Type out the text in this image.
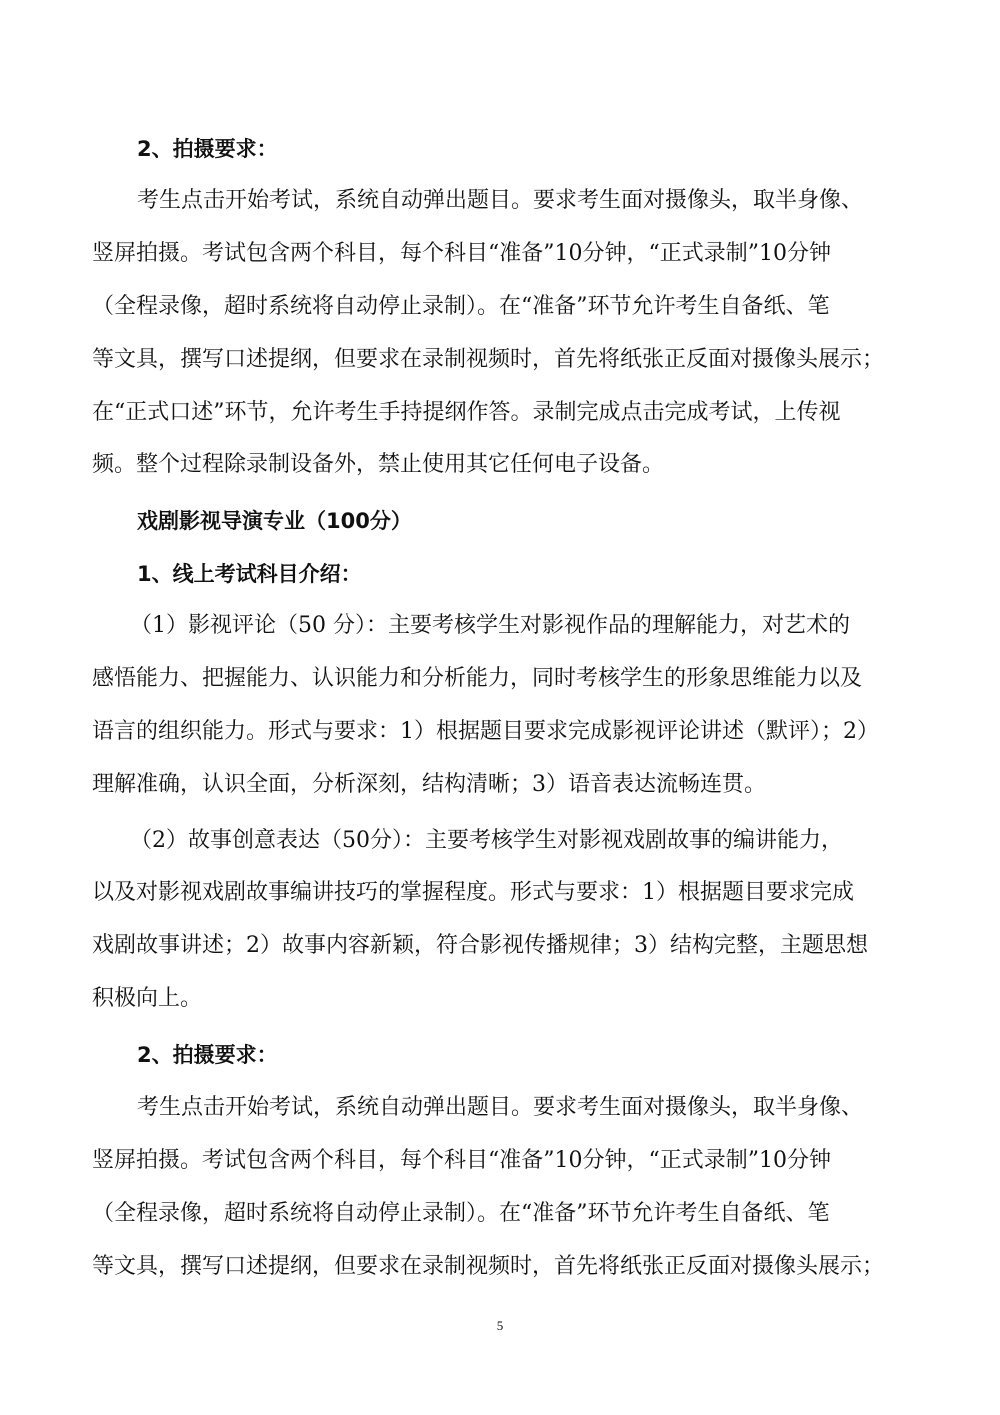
2、拍摄要求：
考生点击开始考试，系统自动弹出题目。要求考生面对摄像头，取半身像、
竖屏拍摄。考试包含两个科目，每个科目“准备”10分钟，“正式录制”10分钟
（全程录像，超时系统将自动停止录制）。在“准备”环节允许考生自备纸、笔
等文具，撰写口述提纲，但要求在录制视频时，首先将纸张正反面对摄像头展示；
在“正式口述”环节，允许考生手持提纲作答。录制完成点击完成考试，上传视
频。整个过程除录制设备外，禁止使用其它任何电子设备。
戏剧影视导演专业（100分）
1、线上考试科目介绍：
（1）影视评论（50 分）：主要考核学生对影视作品的理解能力，对艺术的
感悟能力、把握能力、认识能力和分析能力，同时考核学生的形象思维能力以及
语言的组织能力。形式与要求：1）根据题目要求完成影视评论讲述（默评）；2）
理解准确，认识全面，分析深刻，结构清晰；3）语音表达流畅连贯。
（2）故事创意表达（50分）：主要考核学生对影视戏剧故事的编讲能力，
以及对影视戏剧故事编讲技巧的掌握程度。形式与要求：1）根据题目要求完成
戏剧故事讲述；2）故事内容新颖，符合影视传播规律；3）结构完整，主题思想
积极向上。
2、拍摄要求：
考生点击开始考试，系统自动弹出题目。要求考生面对摄像头，取半身像、
竖屏拍摄。考试包含两个科目，每个科目“准备”10分钟，“正式录制”10分钟
（全程录像，超时系统将自动停止录制）。在“准备”环节允许考生自备纸、笔
等文具，撰写口述提纲，但要求在录制视频时，首先将纸张正反面对摄像头展示；
5
